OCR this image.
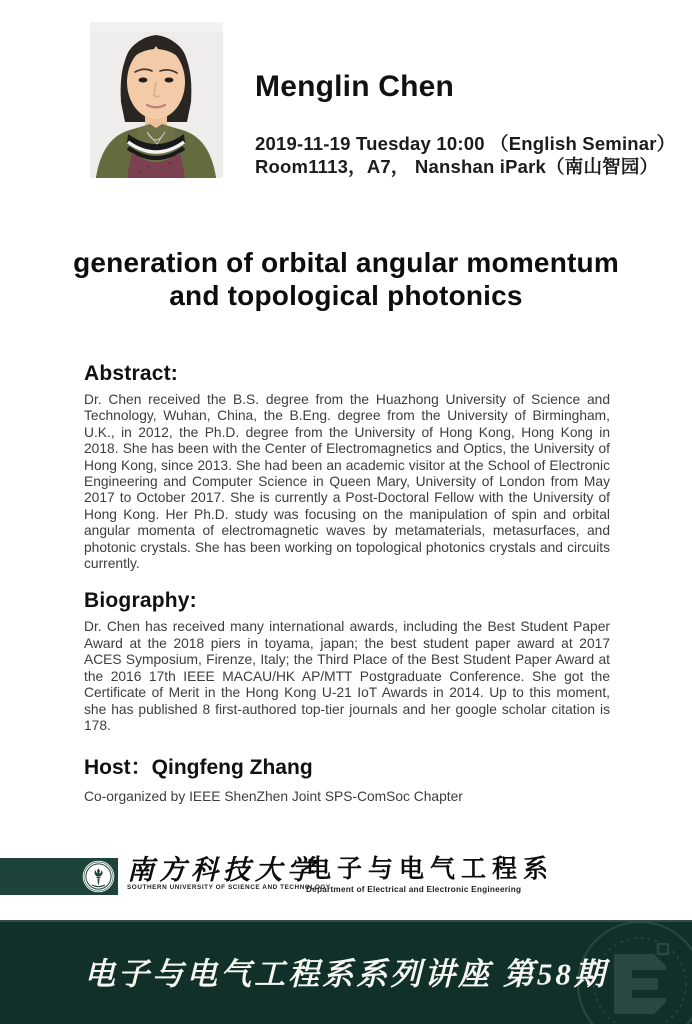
Menglin Chen
2019-11-19 Tuesday 10:00 （English Seminar）
Room1113，A7， Nanshan iPark（南山智园）
generation of orbital angular momentum and topological photonics
Abstract:

Dr. Chen received the B.S. degree from the Huazhong University of Science and Technology, Wuhan, China, the B.Eng. degree from the University of Birmingham, U.K., in 2012, the Ph.D. degree from the University of Hong Kong, Hong Kong in 2018. She has been with the Center of Electromagnetics and Optics, the University of Hong Kong, since 2013. She had been an academic visitor at the School of Electronic Engineering and Computer Science in Queen Mary, University of London from May 2017 to October 2017. She is currently a Post-Doctoral Fellow with the University of Hong Kong. Her Ph.D. study was focusing on the manipulation of spin and orbital angular momenta of electromagnetic waves by metamaterials, metasurfaces, and photonic crystals. She has been working on topological photonics crystals and circuits currently.

Biography:

Dr. Chen has received many international awards, including the Best Student Paper Award at the 2018 piers in toyama, japan; the best student paper award at 2017 ACES Symposium, Firenze, Italy; the Third Place of the Best Student Paper Award at the 2016 17th IEEE MACAU/HK AP/MTT Postgraduate Conference. She got the Certificate of Merit in the Hong Kong U-21 IoT Awards in 2014. Up to this moment, she has published 8 first-authored top-tier journals and her google scholar citation is 178.

Host：Qingfeng Zhang

Co-organized by IEEE ShenZhen Joint SPS-ComSoc Chapter

南方科技大学
SOUTHERN UNIVERSITY OF SCIENCE AND TECHNOLOGY
电子与电气工程系
Department of Electrical and Electronic Engineering
电子与电气工程系系列讲座 第58期
